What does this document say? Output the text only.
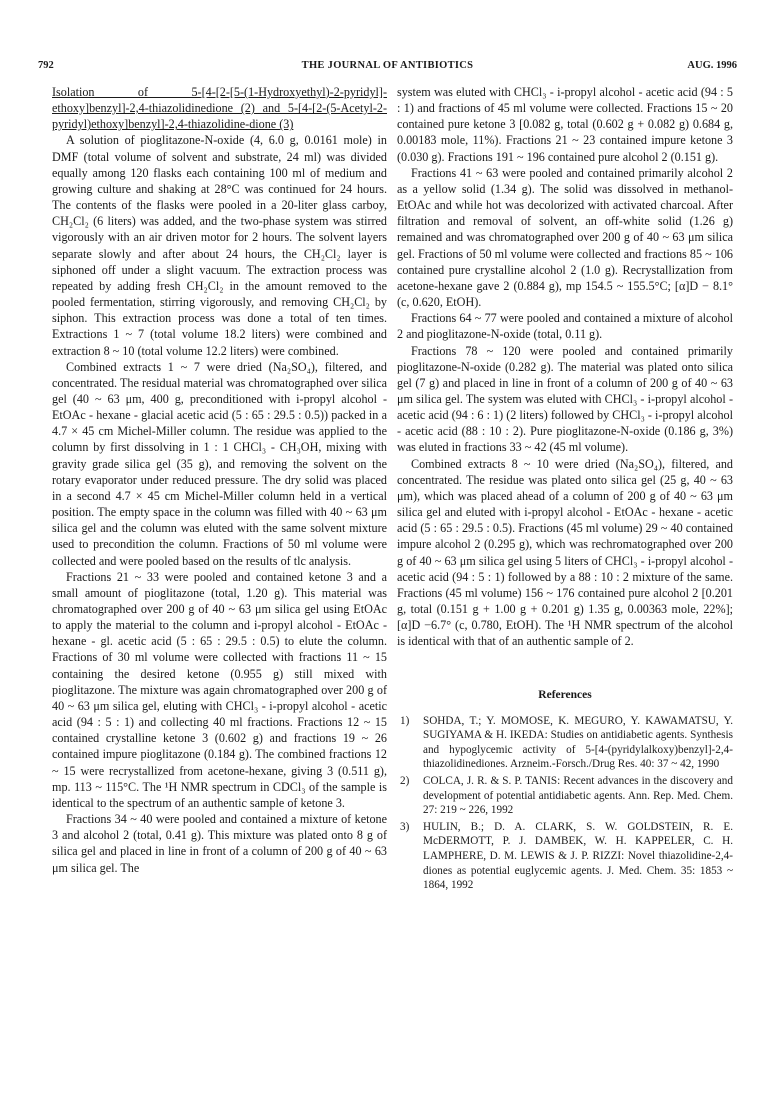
792	THE JOURNAL OF ANTIBIOTICS	AUG. 1996

Isolation of 5-[4-[2-[5-(1-Hydroxyethyl)-2-pyridyl]-ethoxy]benzyl]-2,4-thiazolidinedione (2) and 5-[4-[2-(5-Acetyl-2-pyridyl)ethoxy]benzyl]-2,4-thiazolidine-dione (3)

A solution of pioglitazone-N-oxide (4, 6.0 g, 0.0161 mole) in DMF (total volume of solvent and substrate, 24 ml) was divided equally among 120 flasks each containing 100 ml of medium and growing culture and shaking at 28°C was continued for 24 hours. The contents of the flasks were pooled in a 20-liter glass carboy, CH₂Cl₂ (6 liters) was added, and the two-phase system was stirred vigorously with an air driven motor for 2 hours. The solvent layers separate slowly and after about 24 hours, the CH₂Cl₂ layer is siphoned off under a slight vacuum. The extraction process was repeated by adding fresh CH₂Cl₂ in the amount removed to the pooled fermentation, stirring vigorously, and removing CH₂Cl₂ by siphon. This extraction process was done a total of ten times. Extractions 1 ~ 7 (total volume 18.2 liters) were combined and extraction 8 ~ 10 (total volume 12.2 liters) were combined.

Combined extracts 1 ~ 7 were dried (Na₂SO₄), filtered, and concentrated. The residual material was chromatographed over silica gel (40 ~ 63 μm, 400 g, preconditioned with i-propyl alcohol - EtOAc - hexane - glacial acetic acid (5 : 65 : 29.5 : 0.5)) packed in a 4.7 × 45 cm Michel-Miller column. The residue was applied to the column by first dissolving in 1 : 1 CHCl₃ - CH₃OH, mixing with gravity grade silica gel (35 g), and removing the solvent on the rotary evaporator under reduced pressure. The dry solid was placed in a second 4.7 × 45 cm Michel-Miller column held in a vertical position. The empty space in the column was filled with 40 ~ 63 μm silica gel and the column was eluted with the same solvent mixture used to precondition the column. Fractions of 50 ml volume were collected and were pooled based on the results of tlc analysis.

Fractions 21 ~ 33 were pooled and contained ketone 3 and a small amount of pioglitazone (total, 1.20 g). This material was chromatographed over 200 g of 40 ~ 63 μm silica gel using EtOAc to apply the material to the column and i-propyl alcohol - EtOAc - hexane - gl. acetic acid (5 : 65 : 29.5 : 0.5) to elute the column. Fractions of 30 ml volume were collected with fractions 11 ~ 15 containing the desired ketone (0.955 g) still mixed with pioglitazone. The mixture was again chromatographed over 200 g of 40 ~ 63 μm silica gel, eluting with CHCl₃ - i-propyl alcohol - acetic acid (94 : 5 : 1) and collecting 40 ml fractions. Fractions 12 ~ 15 contained crystalline ketone 3 (0.602 g) and fractions 19 ~ 26 contained impure pioglitazone (0.184 g). The combined fractions 12 ~ 15 were recrystallized from acetone-hexane, giving 3 (0.511 g), mp. 113 ~ 115°C. The ¹H NMR spectrum in CDCl₃ of the sample is identical to the spectrum of an authentic sample of ketone 3.

Fractions 34 ~ 40 were pooled and contained a mixture of ketone 3 and alcohol 2 (total, 0.41 g). This mixture was plated onto 8 g of silica gel and placed in line in front of a column of 200 g of 40 ~ 63 μm silica gel. The

system was eluted with CHCl₃ - i-propyl alcohol - acetic acid (94 : 5 : 1) and fractions of 45 ml volume were collected. Fractions 15 ~ 20 contained pure ketone 3 [0.082 g, total (0.602 g + 0.082 g) 0.684 g, 0.00183 mole, 11%). Fractions 21 ~ 23 contained impure ketone 3 (0.030 g). Fractions 191 ~ 196 contained pure alcohol 2 (0.151 g).

Fractions 41 ~ 63 were pooled and contained primarily alcohol 2 as a yellow solid (1.34 g). The solid was dissolved in methanol-EtOAc and while hot was decolorized with activated charcoal. After filtration and removal of solvent, an off-white solid (1.26 g) remained and was chromatographed over 200 g of 40 ~ 63 μm silica gel. Fractions of 50 ml volume were collected and fractions 85 ~ 106 contained pure crystalline alcohol 2 (1.0 g). Recrystallization from acetone-hexane gave 2 (0.884 g), mp 154.5 ~ 155.5°C; [α]D − 8.1° (c, 0.620, EtOH).

Fractions 64 ~ 77 were pooled and contained a mixture of alcohol 2 and pioglitazone-N-oxide (total, 0.11 g).

Fractions 78 ~ 120 were pooled and contained primarily pioglitazone-N-oxide (0.282 g). The material was plated onto silica gel (7 g) and placed in line in front of a column of 200 g of 40 ~ 63 μm silica gel. The system was eluted with CHCl₃ - i-propyl alcohol - acetic acid (94 : 6 : 1) (2 liters) followed by CHCl₃ - i-propyl alcohol - acetic acid (88 : 10 : 2). Pure pioglitazone-N-oxide (0.186 g, 3%) was eluted in fractions 33 ~ 42 (45 ml volume).

Combined extracts 8 ~ 10 were dried (Na₂SO₄), filtered, and concentrated. The residue was plated onto silica gel (25 g, 40 ~ 63 μm), which was placed ahead of a column of 200 g of 40 ~ 63 μm silica gel and eluted with i-propyl alcohol - EtOAc - hexane - acetic acid (5 : 65 : 29.5 : 0.5). Fractions (45 ml volume) 29 ~ 40 contained impure alcohol 2 (0.295 g), which was rechromatographed over 200 g of 40 ~ 63 μm silica gel using 5 liters of CHCl₃ - i-propyl alcohol - acetic acid (94 : 5 : 1) followed by a 88 : 10 : 2 mixture of the same. Fractions (45 ml volume) 156 ~ 176 contained pure alcohol 2 [0.201 g, total (0.151 g + 1.00 g + 0.201 g) 1.35 g, 0.00363 mole, 22%]; [α]D −6.7° (c, 0.780, EtOH). The ¹H NMR spectrum of the alcohol is identical with that of an authentic sample of 2.

References
1) SOHDA, T.; Y. MOMOSE, K. MEGURO, Y. KAWAMATSU, Y. SUGIYAMA & H. IKEDA: Studies on antidiabetic agents. Synthesis and hypoglycemic activity of 5-[4-(pyridylalkoxy)benzyl]-2,4-thiazolidinediones. Arzneim.-Forsch./Drug Res. 40: 37 ~ 42, 1990
2) COLCA, J. R. & S. P. TANIS: Recent advances in the discovery and development of potential antidiabetic agents. Ann. Rep. Med. Chem. 27: 219 ~ 226, 1992
3) HULIN, B.; D. A. CLARK, S. W. GOLDSTEIN, R. E. McDERMOTT, P. J. DAMBEK, W. H. KAPPELER, C. H. LAMPHERE, D. M. LEWIS & J. P. RIZZI: Novel thiazolidine-2,4-diones as potential euglycemic agents. J. Med. Chem. 35: 1853 ~ 1864, 1992
